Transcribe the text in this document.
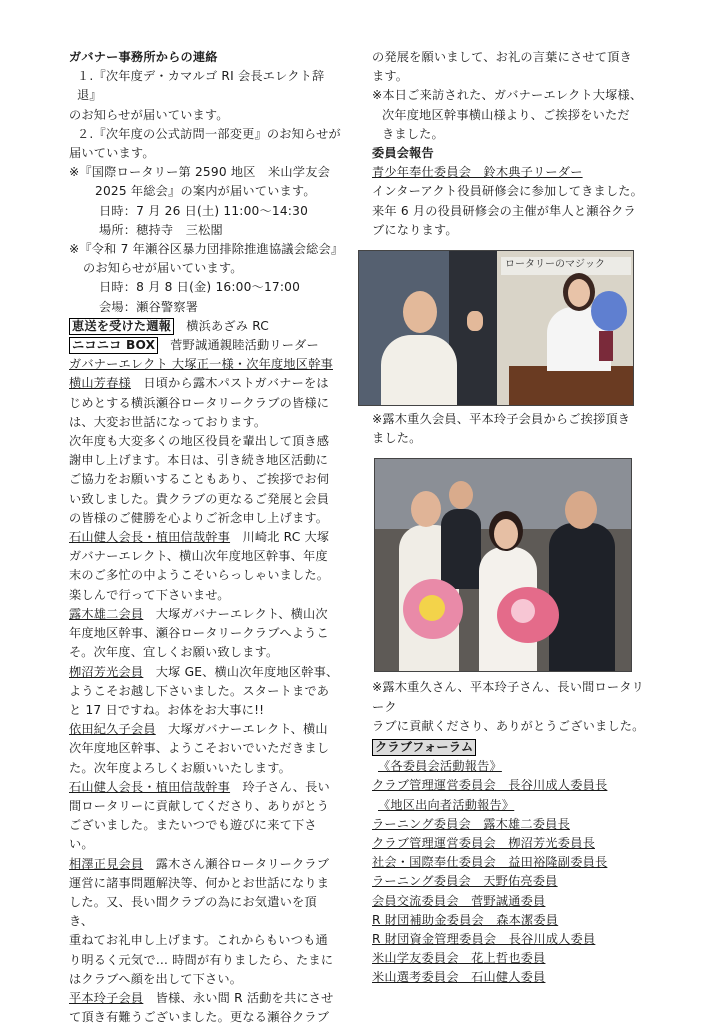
ガバナー事務所からの連絡
１.『次年度デ・カマルゴ RI 会長エレクト辞退』
のお知らせが届いています。
２.『次年度の公式訪問一部変更』のお知らせが
届いています。
※『国際ロータリー第 2590 地区　米山学友会
2025 年総会』の案内が届いています。
日時：7 月 26 日(土) 11:00～14:30
場所：穂持寺　三松閣
※『令和 7 年瀬谷区暴力団排除推進協議会総会』
のお知らせが届いています。
日時：8 月 8 日(金) 16:00～17:00
会場：瀬谷警察署
恵送を受けた週報 横浜あざみ RC
ニコニコ BOX 菅野誠通親睦活動リーダー
ガバナーエレクト 大塚正一様・次年度地区幹事
横山芳春様　 日頃から露木パストガバナーをは
じめとする横浜瀬谷ロータリークラブの皆様に
は、大変お世話になっております。
次年度も大変多くの地区役員を輩出して頂き感
謝申し上げます。本日は、引き続き地区活動に
ご協力をお願いすることもあり、ご挨拶でお伺
い致しました。貴クラブの更なるご発展と会員
の皆様のご健勝を心よりご祈念申し上げます。
石山健人会長・植田信哉幹事　 川崎北 RC 大塚
ガバナーエレクト、横山次年度地区幹事、年度
末のご多忙の中ようこそいらっしゃいました。
楽しんで行って下さいませ。
露木雄二会員　 大塚ガバナーエレクト、横山次
年度地区幹事、瀬谷ロータリークラブへようこ
そ。次年度、宜しくお願い致します。
栁沼芳光会員　 大塚 GE、横山次年度地区幹事、
ようこそお越し下さいました。スタートまであ
と 17 日ですね。お体をお大事に!!
依田紀久子会員　 大塚ガバナーエレクト、横山
次年度地区幹事、ようこそおいでいただきまし
た。次年度よろしくお願いいたします。
石山健人会長・植田信哉幹事　 玲子さん、長い
間ロータリーに貢献してくださり、ありがとう
ございました。またいつでも遊びに来て下さい。
相澤正見会員　 露木さん瀬谷ロータリークラブ
運営に諸事問題解決等、何かとお世話になりま
した。又、長い間クラブの為にお気遣いを頂き、
重ねてお礼申し上げます。これからもいつも通
り明るく元気で… 時間が有りましたら、たまに
はクラブへ顔を出して下さい。
平本玲子会員　 皆様、永い間 R 活動を共にさせ
て頂き有難うございました。更なる瀬谷クラブ
の発展を願いまして、お礼の言葉にさせて頂き
ます。
※本日ご来訪された、ガバナーエレクト大塚様、
次年度地区幹事横山様より、ご挨拶をいただ
きました。
委員会報告
青少年奉仕委員会　鈴木典子リーダー
インターアクト役員研修会に参加してきました。
来年 6 月の役員研修会の主催が隼人と瀬谷クラ
ブになります。
ロータリーのマジック
※露木重久会員、平本玲子会員からご挨拶頂き
ました。
※露木重久さん、平本玲子さん、長い間ロータリーク
ラブに貢献くださり、ありがとうございました。
クラブフォーラム
《各委員会活動報告》
クラブ管理運営委員会　長谷川成人委員長
《地区出向者活動報告》
ラーニング委員会　露木雄二委員長
クラブ管理運営委員会　栁沼芳光委員長
社会・国際奉仕委員会　益田裕隆副委員長
ラーニング委員会　天野佑亮委員
会員交流委員会　菅野誠通委員
R 財団補助金委員会　森本潔委員
R 財団資金管理委員会　長谷川成人委員
米山学友委員会　花上哲也委員
米山選考委員会　石山健人委員
